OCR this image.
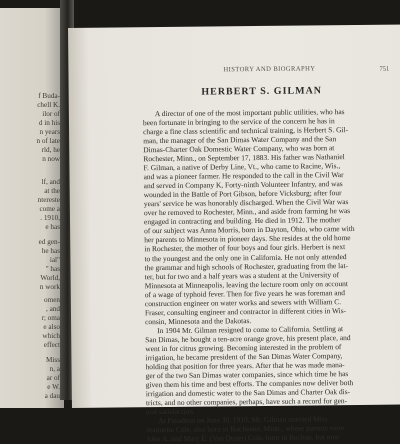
f Buda-
chell K.
ilor of
d in his
n years
n of late
rld, he
n now
lf, and
at the
ntereste
come a
. 1910,
e has
ed gen-
he has
ial"
" has
World,
n work
omen
, and
r; oma
e also
which
effect
Miss
n, a
ar of
e W.
a dau
HISTORY AND BIOGRAPHY	751
HERBERT S. GILMAN
A director of one of the most important public utilities, who has
been fortunate in bringing to the service of the concern he has in
charge a fine class scientific and technical training, is Herbert S. Gil-
man, the manager of the San Dimas Water Company and the San
Dimas-Charter Oak Domestic Water Company, who was born at
Rochester, Minn., on September 17, 1883. His father was Nathaniel
F. Gilman, a native of Derby Line, Vt., who came to Racine, Wis.,
and was a pioneer farmer. He responded to the call in the Civil War
and served in Company K, Forty-ninth Volunteer Infantry, and was
wounded in the Battle of Port Gibson, before Vicksburg; after four
years' service he was honorably discharged. When the Civil War was
over he removed to Rochester, Minn., and aside from farming he was
engaged in contracting and building. He died in 1912. The mother
of our subject was Anna Morris, born in Dayton, Ohio, who came with
her parents to Minnesota in pioneer days. She resides at the old home
in Rochester, the mother of four boys and four girls. Herbert is next
to the youngest and the only one in California. He not only attended
the grammar and high schools of Rochester, graduating from the lat-
ter, but for two and a half years was a student at the University of
Minnesota at Minneapolis, leaving the lecture room only on account
of a wage of typhoid fever. Then for five years he was foreman and
construction engineer on water works and sewers with William C.
Fraser, consulting engineer and contractor in different cities in Wis-
consin, Minnesota and the Dakotas.
In 1904 Mr. Gilman resigned to come to California. Settling at
San Dimas, he bought a ten-acre orange grove, his present place, and
went in for citrus growing. Becoming interested in the problem of
irrigation, he became president of the San Dimas Water Company,
holding that position for three years. After that he was made mana-
ger of the two San Dimas water companies, since which time he has
given them his time and best efforts. The companies now deliver both
irrigation and domestic water to the San Dimas and Charter Oak dis-
tricts, and no other companies, perhaps, have such a record for gen-
eral satisfaction.
At Pasadena on June 30, 1910, Mr. Gilman married Miss
Jeannette Cole, also born in Rochester, Minn., whose parents were
John A. and Mary E. (Van Duzer) Cole, born in Buchan, but now
